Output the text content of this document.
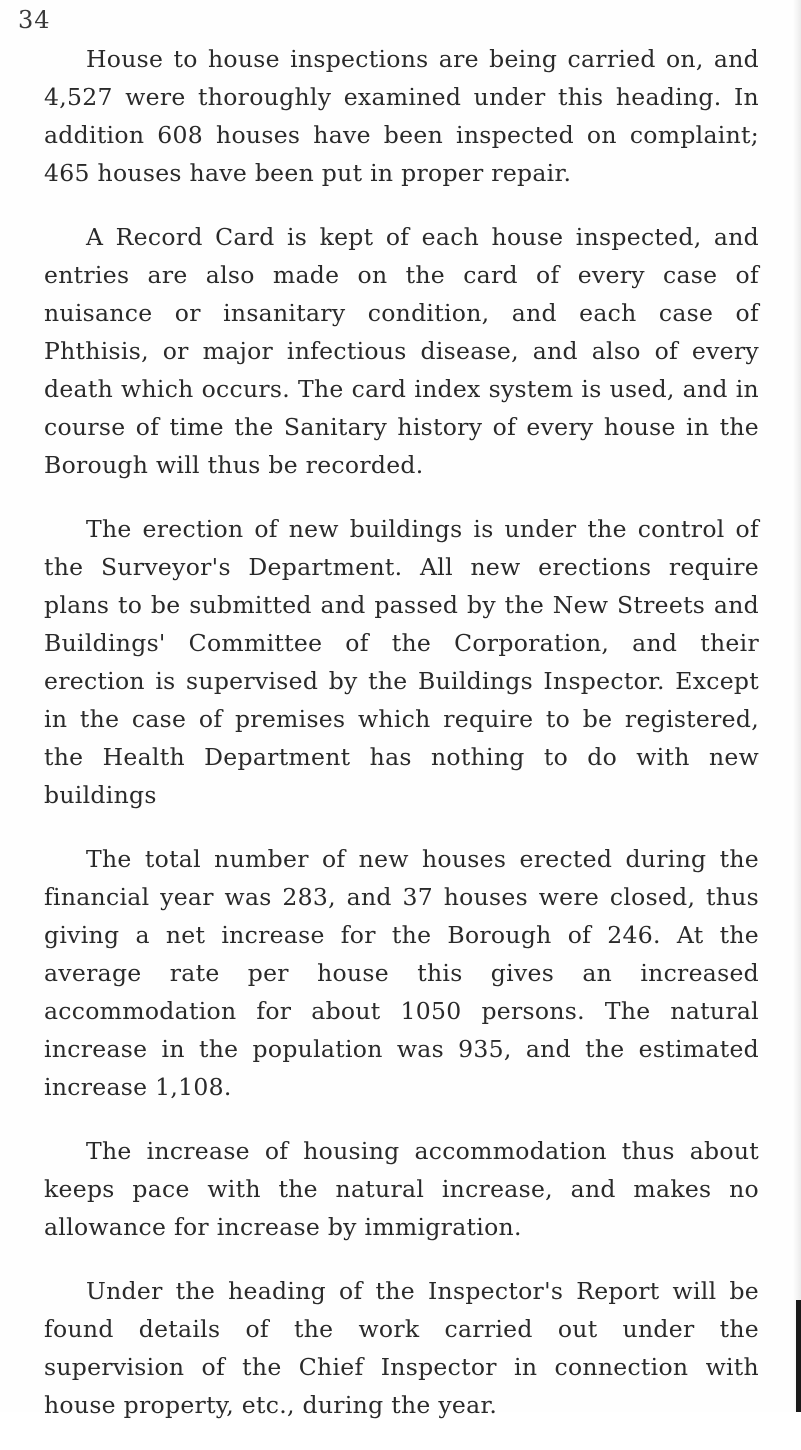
34

House to house inspections are being carried on, and 4,527 were thoroughly examined under this heading. In addition 608 houses have been inspected on complaint; 465 houses have been put in proper repair.

A Record Card is kept of each house inspected, and entries are also made on the card of every case of nuisance or insanitary condition, and each case of Phthisis, or major infectious disease, and also of every death which occurs. The card index system is used, and in course of time the Sanitary history of every house in the Borough will thus be recorded.

The erection of new buildings is under the control of the Surveyor's Department. All new erections require plans to be submitted and passed by the New Streets and Buildings' Committee of the Corporation, and their erection is supervised by the Buildings Inspector. Except in the case of premises which require to be registered, the Health Department has nothing to do with new buildings

The total number of new houses erected during the financial year was 283, and 37 houses were closed, thus giving a net increase for the Borough of 246. At the average rate per house this gives an increased accommodation for about 1050 persons. The natural increase in the population was 935, and the estimated increase 1,108.

The increase of housing accommodation thus about keeps pace with the natural increase, and makes no allowance for increase by immigration.

Under the heading of the Inspector's Report will be found details of the work carried out under the supervision of the Chief Inspector in connection with house property, etc., during the year.
